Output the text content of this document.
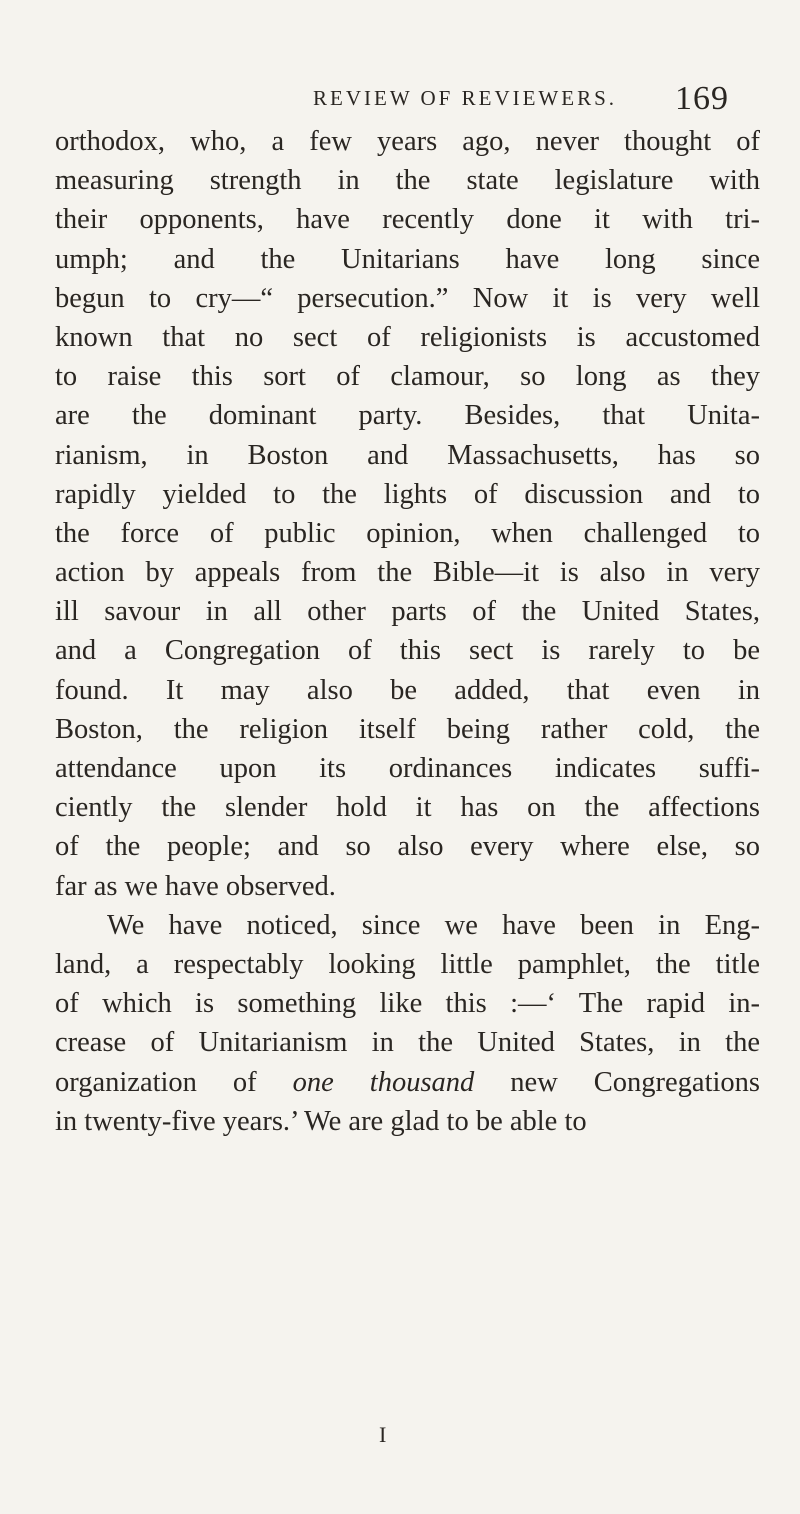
REVIEW OF REVIEWERS. 169
orthodox, who, a few years ago, never thought of
measuring strength in the state legislature with
their opponents, have recently done it with tri-
umph; and the Unitarians have long since
begun to cry—“ persecution.” Now it is very well
known that no sect of religionists is accustomed
to raise this sort of clamour, so long as they
are the dominant party. Besides, that Unita-
rianism, in Boston and Massachusetts, has so
rapidly yielded to the lights of discussion and to
the force of public opinion, when challenged to
action by appeals from the Bible—it is also in very
ill savour in all other parts of the United States,
and a Congregation of this sect is rarely to be
found. It may also be added, that even in
Boston, the religion itself being rather cold, the
attendance upon its ordinances indicates suffi-
ciently the slender hold it has on the affections
of the people; and so also every where else, so
far as we have observed.
We have noticed, since we have been in Eng-
land, a respectably looking little pamphlet, the title
of which is something like this :—‘ The rapid in-
crease of Unitarianism in the United States, in the
organization of one thousand new Congregations
in twenty-five years.’ We are glad to be able to
I
